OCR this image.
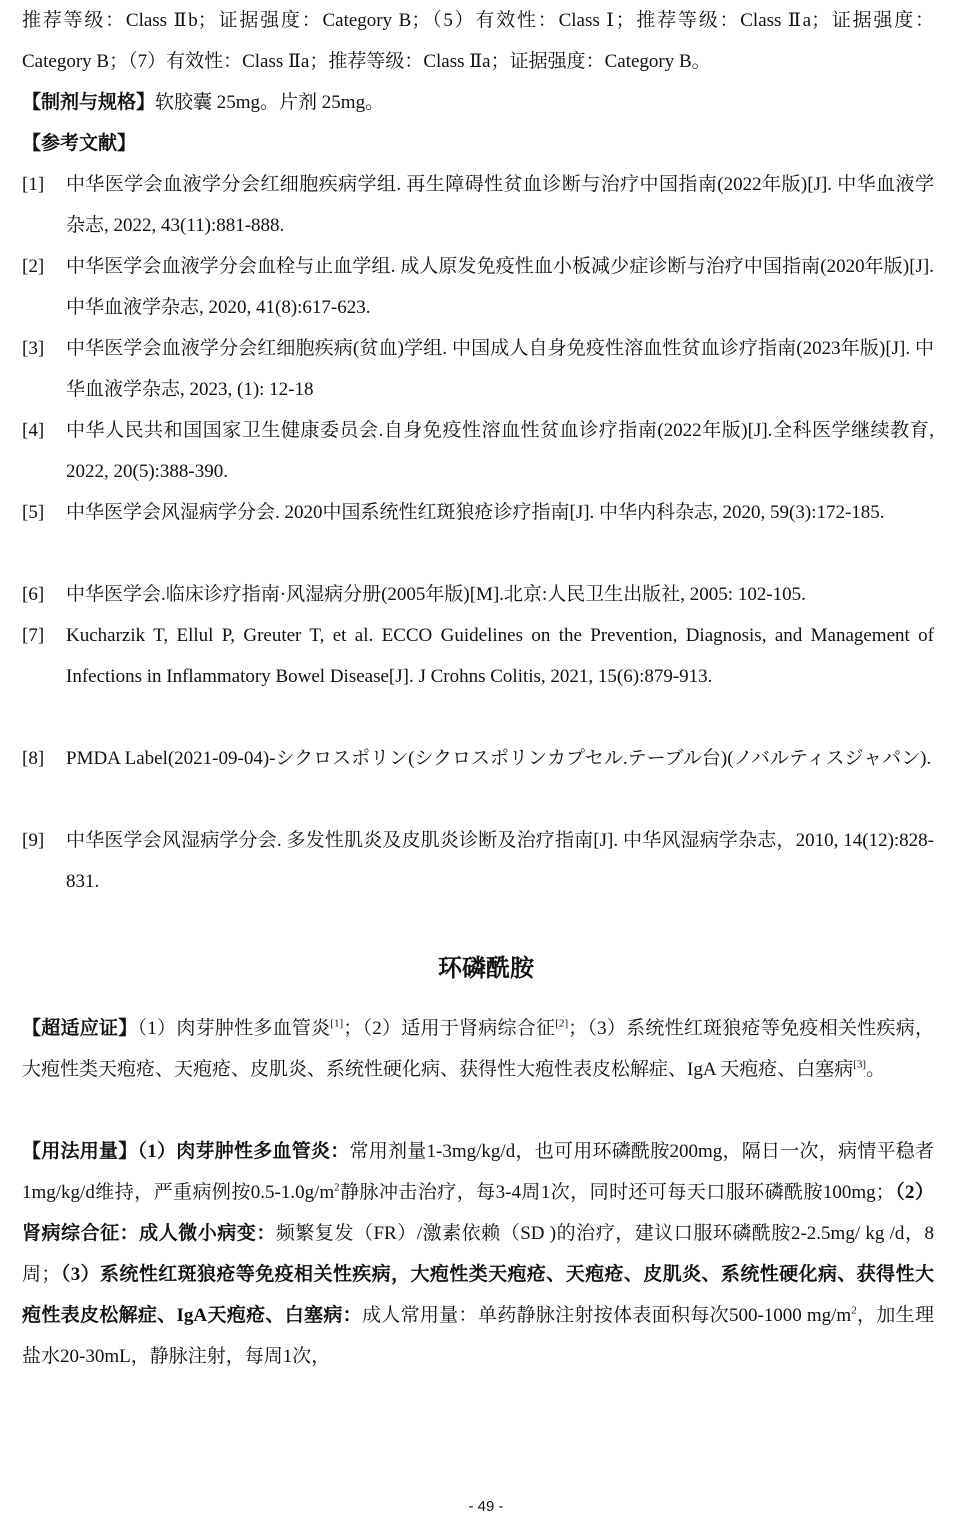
推荐等级：Class Ⅱb；证据强度：Category B；（5）有效性：Class Ⅰ；推荐等级：Class Ⅱa；证据强度：Category B；（7）有效性：Class Ⅱa；推荐等级：Class Ⅱa；证据强度：Category B。

【制剂与规格】软胶囊 25mg。片剂 25mg。

【参考文献】

[1] 中华医学会血液学分会红细胞疾病学组. 再生障碍性贫血诊断与治疗中国指南(2022年版)[J]. 中华血液学杂志, 2022, 43(11):881-888.
[2] 中华医学会血液学分会血栓与止血学组. 成人原发免疫性血小板减少症诊断与治疗中国指南(2020年版)[J]. 中华血液学杂志, 2020, 41(8):617-623.
[3] 中华医学会血液学分会红细胞疾病(贫血)学组. 中国成人自身免疫性溶血性贫血诊疗指南(2023年版)[J]. 中华血液学杂志, 2023, (1): 12-18
[4] 中华人民共和国国家卫生健康委员会.自身免疫性溶血性贫血诊疗指南(2022年版)[J].全科医学继续教育, 2022, 20(5):388-390.
[5] 中华医学会风湿病学分会. 2020中国系统性红斑狼疮诊疗指南[J]. 中华内科杂志, 2020, 59(3):172-185.
[6] 中华医学会.临床诊疗指南·风湿病分册(2005年版)[M].北京:人民卫生出版社, 2005: 102-105.
[7] Kucharzik T, Ellul P, Greuter T, et al. ECCO Guidelines on the Prevention, Diagnosis, and Management of Infections in Inflammatory Bowel Disease[J]. J Crohns Colitis, 2021, 15(6):879-913.
[8] PMDA Label(2021-09-04)-シクロスポリン(シクロスポリンカプセル.テーブル台)(ノバルティスジャパン).
[9] 中华医学会风湿病学分会. 多发性肌炎及皮肌炎诊断及治疗指南[J]. 中华风湿病学杂志，2010, 14(12):828-831.
环磷酰胺

【超适应证】（1）肉芽肿性多血管炎[1]；（2）适用于肾病综合征[2]；（3）系统性红斑狼疮等免疫相关性疾病，大疱性类天疱疮、天疱疮、皮肌炎、系统性硬化病、获得性大疱性表皮松解症、IgA 天疱疮、白塞病[3]。

【用法用量】（1）肉芽肿性多血管炎：常用剂量1-3mg/kg/d，也可用环磷酰胺200mg，隔日一次，病情平稳者1mg/kg/d维持，严重病例按$0.5-1.0g/m^2$静脉冲击治疗，每3-4周1次，同时还可每天口服环磷酰胺100mg；（2）肾病综合征：成人微小病变：频繁复发（FR）/激素依赖（SD )的治疗，建议口服环磷酰胺2-2.5mg/ kg /d，8周；（3）系统性红斑狼疮等免疫相关性疾病，大疱性类天疱疮、天疱疮、皮肌炎、系统性硬化病、获得性大疱性表皮松解症、IgA天疱疮、白塞病：成人常用量：单药静脉注射按体表面积每次500-1000 $mg/m^2$，加生理盐水20-30mL，静脉注射，每周1次，

- 49 -
